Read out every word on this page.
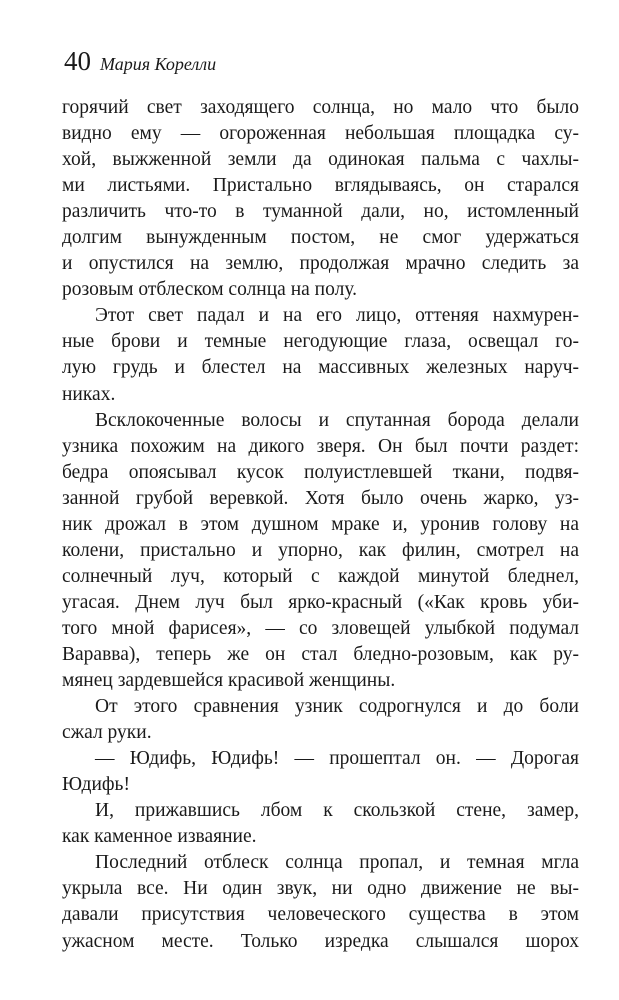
40 Мария Корелли
горячий свет заходящего солнца, но мало что было
видно ему — огороженная небольшая площадка су-
хой, выжженной земли да одинокая пальма с чахлы-
ми листьями. Пристально вглядываясь, он старался
различить что-то в туманной дали, но, истомленный
долгим вынужденным постом, не смог удержаться
и опустился на землю, продолжая мрачно следить за
розовым отблеском солнца на полу.
Этот свет падал и на его лицо, оттеняя нахмурен-
ные брови и темные негодующие глаза, освещал го-
лую грудь и блестел на массивных железных наруч-
никах.
Всклокоченные волосы и спутанная борода делали
узника похожим на дикого зверя. Он был почти раздет:
бедра опоясывал кусок полуистлевшей ткани, подвя-
занной грубой веревкой. Хотя было очень жарко, уз-
ник дрожал в этом душном мраке и, уронив голову на
колени, пристально и упорно, как филин, смотрел на
солнечный луч, который с каждой минутой бледнел,
угасая. Днем луч был ярко-красный («Как кровь уби-
того мной фарисея», — со зловещей улыбкой подумал
Варавва), теперь же он стал бледно-розовым, как ру-
мянец зардевшейся красивой женщины.
От этого сравнения узник содрогнулся и до боли
сжал руки.
— Юдифь, Юдифь! — прошептал он. — Дорогая
Юдифь!
И, прижавшись лбом к скользкой стене, замер,
как каменное изваяние.
Последний отблеск солнца пропал, и темная мгла
укрыла все. Ни один звук, ни одно движение не вы-
давали присутствия человеческого существа в этом
ужасном месте. Только изредка слышался шорох
